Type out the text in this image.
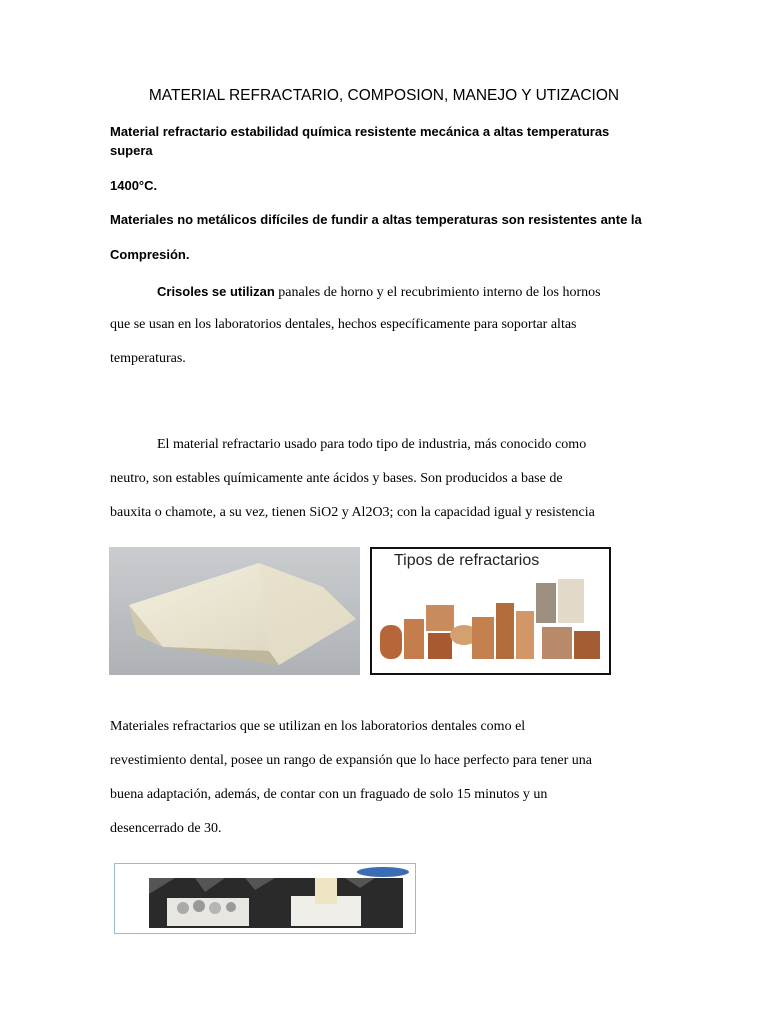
MATERIAL REFRACTARIO, COMPOSION, MANEJO Y UTIZACION
Material refractario estabilidad química resistente mecánica a altas temperaturas
supera
1400°C.
Materiales no metálicos difíciles de fundir a altas temperaturas son resistentes ante la
Compresión.
Crisoles se utilizan panales de horno y el recubrimiento interno de los hornos
que se usan en los laboratorios dentales, hechos específicamente para soportar altas
temperaturas.
El material refractario usado para todo tipo de industria, más conocido como
neutro, son estables químicamente ante ácidos y bases. Son producidos a base de
bauxita o chamote, a su vez, tienen SiO2 y Al2O3; con la capacidad igual y resistencia
Tipos de refractarios
Materiales refractarios que se utilizan en los laboratorios dentales como el
revestimiento dental, posee un rango de expansión que lo hace perfecto para tener una
buena adaptación, además, de contar con un fraguado de solo 15 minutos y un
desencerrado de 30.
